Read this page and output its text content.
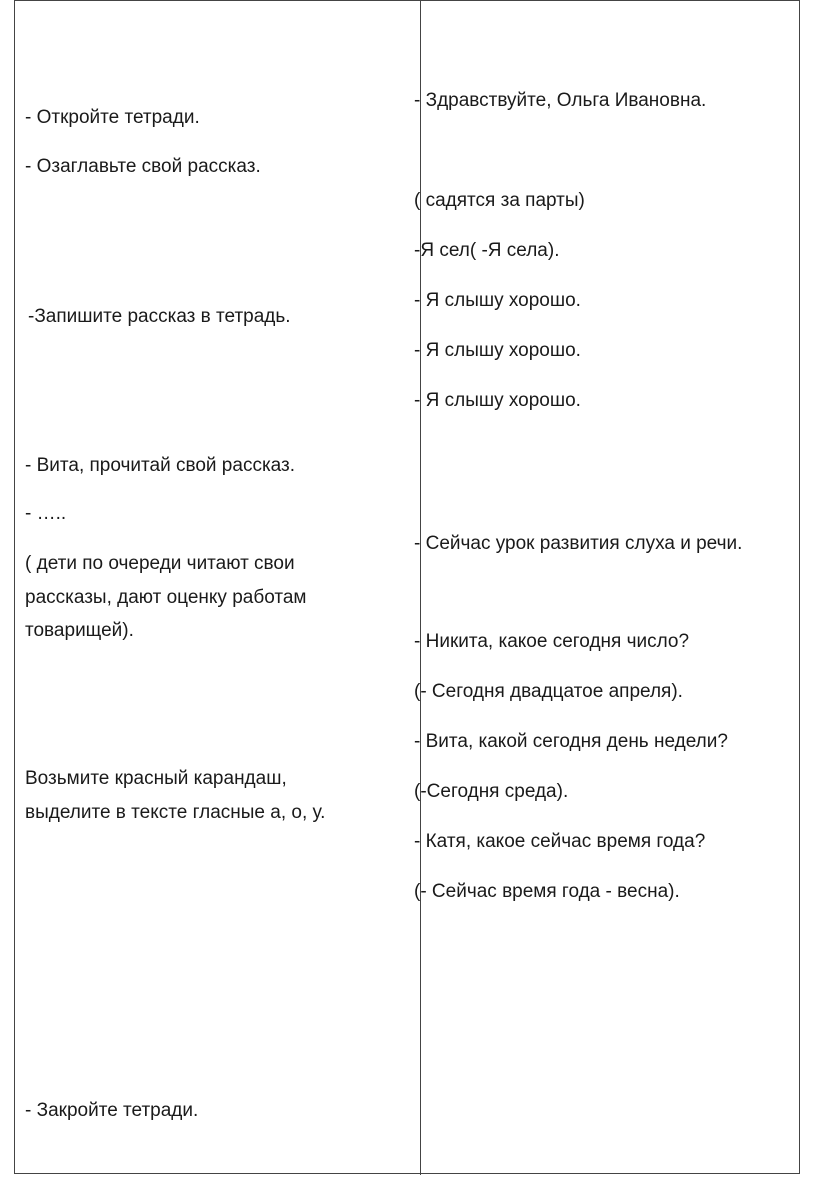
- Откройте тетради.
- Озаглавьте свой рассказ.
-Запишите рассказ в тетрадь.
- Вита, прочитай свой рассказ.
- …..
( дети по очереди читают свои
рассказы, дают оценку работам
товарищей).
Возьмите красный карандаш,
выделите в тексте гласные а, о, у.
- Закройте тетради.
- Здравствуйте, Ольга Ивановна.
( садятся за парты)
-Я сел( -Я села).
- Я слышу хорошо.
- Я слышу хорошо.
- Я слышу хорошо.
- Сейчас урок развития слуха и речи.
- Никита, какое сегодня число?
(- Сегодня двадцатое апреля).
- Вита, какой сегодня день недели?
(-Сегодня среда).
- Катя, какое сейчас время года?
(- Сейчас время года - весна).
